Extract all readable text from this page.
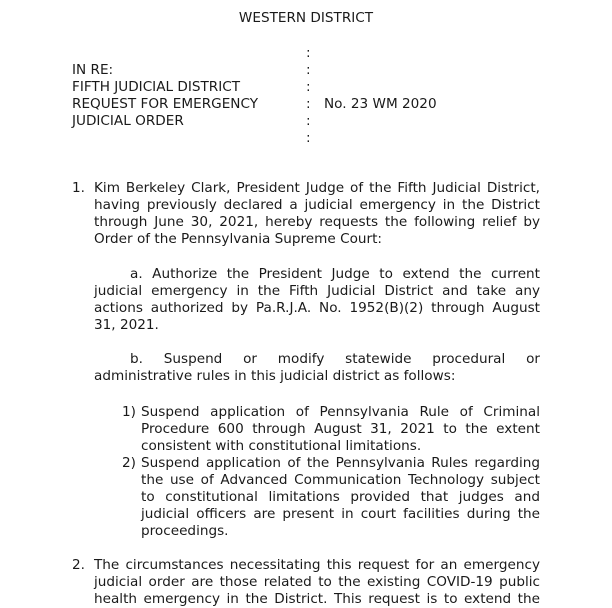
WESTERN DISTRICT
:
:
:
:
:
:
IN RE:
FIFTH JUDICIAL DISTRICT
REQUEST FOR EMERGENCY
JUDICIAL ORDER
No. 23 WM 2020
1. Kim Berkeley Clark, President Judge of the Fifth Judicial District,
having previously declared a judicial emergency in the District
through June 30, 2021, hereby requests the following relief by
Order of the Pennsylvania Supreme Court:
a. Authorize the President Judge to extend the current
judicial emergency in the Fifth Judicial District and take any
actions authorized by Pa.R.J.A. No. 1952(B)(2) through August
31, 2021.
b. Suspend or modify statewide procedural or
administrative rules in this judicial district as follows:
1) Suspend application of Pennsylvania Rule of Criminal
Procedure 600 through August 31, 2021 to the extent
consistent with constitutional limitations.
2) Suspend application of the Pennsylvania Rules regarding
the use of Advanced Communication Technology subject
to constitutional limitations provided that judges and
judicial officers are present in court facilities during the
proceedings.
2. The circumstances necessitating this request for an emergency
judicial order are those related to the existing COVID-19 public
health emergency in the District. This request is to extend the
